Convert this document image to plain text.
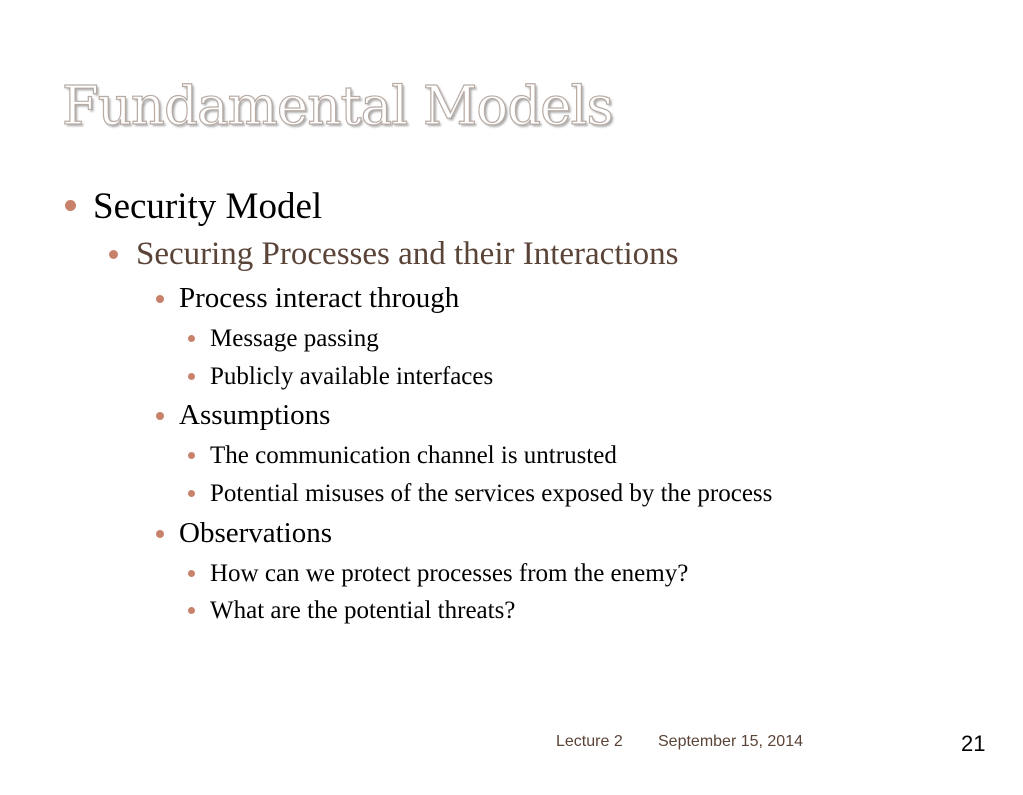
Fundamental Models
Security Model
Securing Processes and their Interactions
Process interact through
Message passing
Publicly available interfaces
Assumptions
The communication channel is untrusted
Potential misuses of the services exposed by the process
Observations
How can we protect processes from the enemy?
What are the potential threats?
Lecture 2 September 15, 2014	21
